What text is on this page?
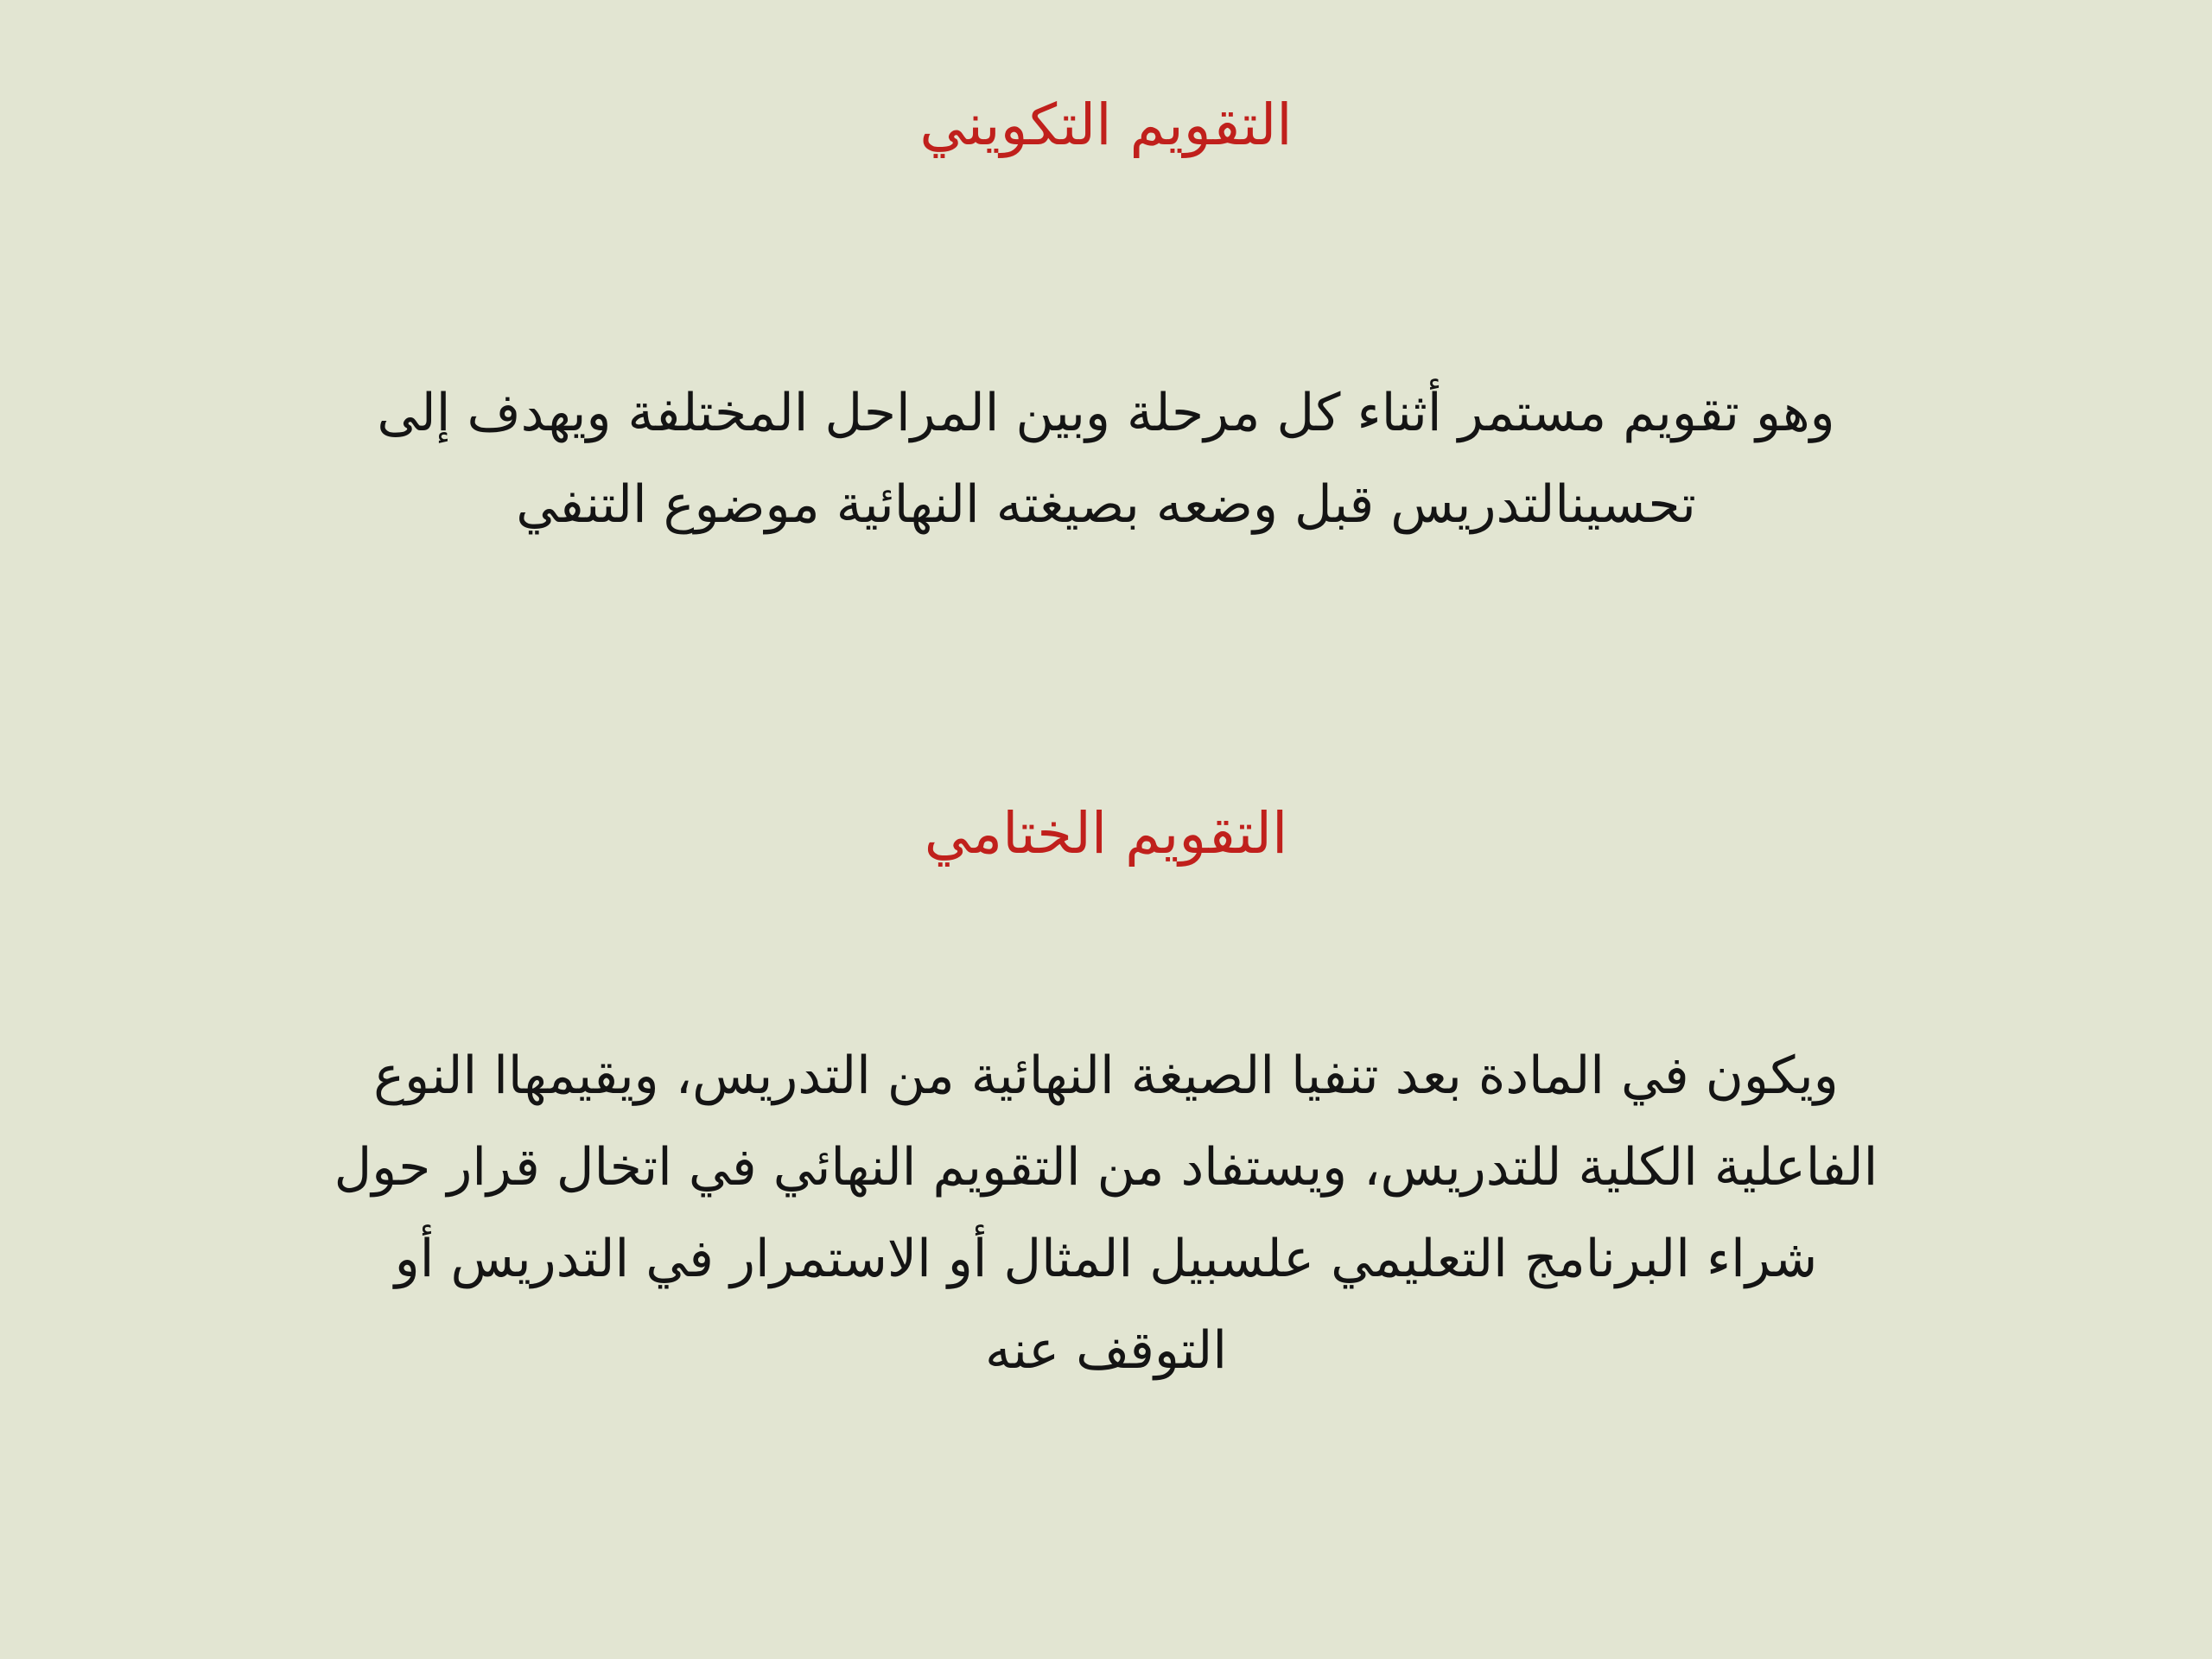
التقويم التكويني

وهو تقويم مستمر أثناء كل مرحلة وبين المراحل المختلفة ويهدف إلى
تحسينالتدريس قبل وضعه بصيغته النهائية موضوع التنفي

التقويم الختامي

ويكون في المادة بعد تنفيا الصيغة النهائية من التدريس، ويقيمهاا النوع
الفاعلية الكلية للتدريس، ويستفاد من التقويم النهائي في اتخال قرار حول
شراء البرنامج التعليمي علسبيل المثال أو الاستمرار في التدريس أو
التوقف عنه
